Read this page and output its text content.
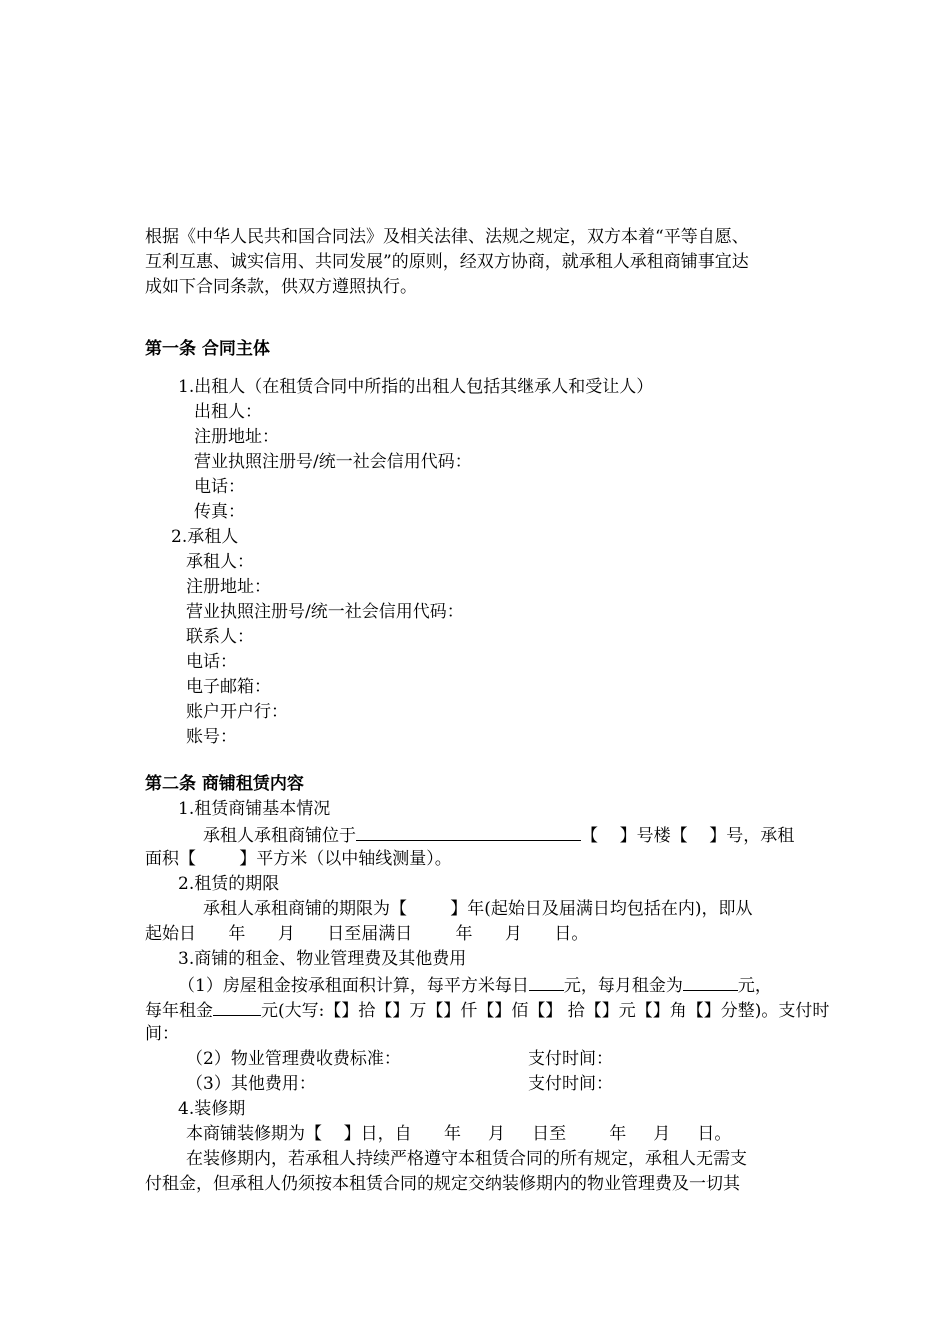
根据《中华人民共和国合同法》及相关法律、法规之规定，双方本着“平等自愿、
互利互惠、诚实信用、共同发展”的原则，经双方协商，就承租人承租商铺事宜达
成如下合同条款，供双方遵照执行。
第一条 合同主体
1.出租人（在租赁合同中所指的出租人包括其继承人和受让人）
出租人：
注册地址：
营业执照注册号/统一社会信用代码：
电话：
传真：
2.承租人
承租人：
注册地址：
营业执照注册号/统一社会信用代码：
联系人：
电话：
电子邮箱：
账户开户行：
账号：
第二条 商铺租赁内容
1.租赁商铺基本情况
承租人承租商铺位于	【    】号楼【    】号，承租
面积【        】平方米（以中轴线测量）。
2.租赁的期限
承租人承租商铺的期限为【        】年(起始日及届满日均包括在内)，即从
起始日      年      月      日至届满日        年      月      日。
3.商铺的租金、物业管理费及其他费用
（1）房屋租金按承租面积计算，每平方米每日 元，每月租金为	元，
每年租金	元(大写:【】拾【】万【】仟【】佰【】 拾【】元【】角【】分整)。支付时
间：
（2）物业管理费收费标准：	支付时间：
（3）其他费用：	支付时间：
4.装修期
本商铺装修期为【    】日，自      年     月     日至        年     月     日。
在装修期内，若承租人持续严格遵守本租赁合同的所有规定，承租人无需支
付租金，但承租人仍须按本租赁合同的规定交纳装修期内的物业管理费及一切其
